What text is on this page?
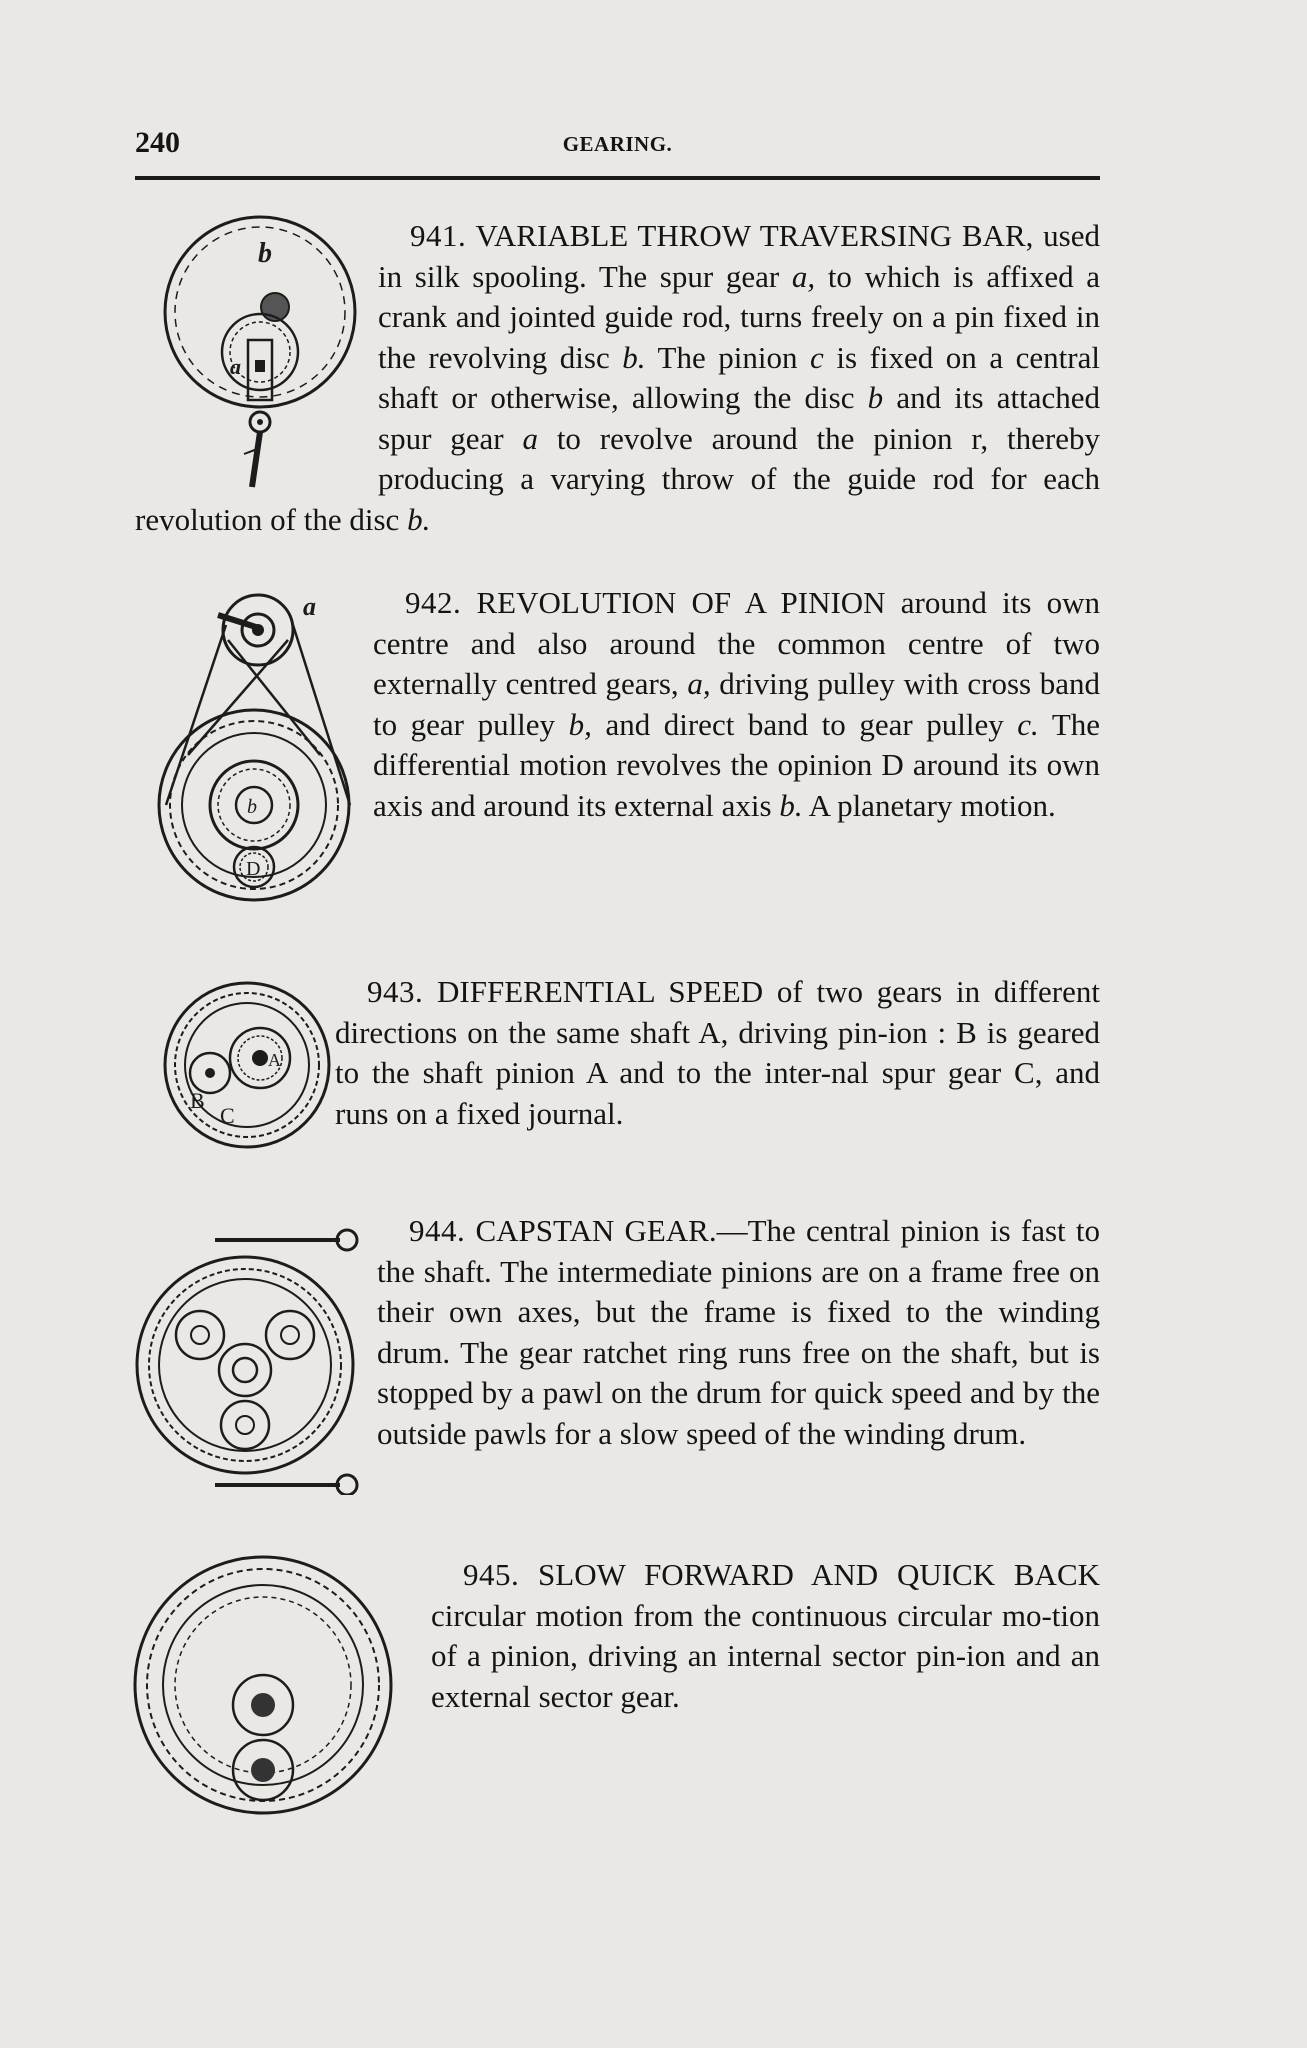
240	GEARING.
b
a
941. VARIABLE THROW TRAVERSING BAR, used in silk spooling. The spur gear a, to which is affixed a crank and jointed guide rod, turns freely on a pin fixed in the revolving disc b. The pinion c is fixed on a central shaft or otherwise, allowing the disc b and its attached spur gear a to revolve around the pinion r, thereby producing a varying throw of the guide rod for each revolution of the disc b.
a
b
D
942. REVOLUTION OF A PINION around its own centre and also around the common centre of two externally centred gears, a, driving pulley with cross band to gear pulley b, and direct band to gear pulley c. The differential motion revolves the opinion D around its own axis and around its external axis b. A planetary motion.
A
B
C
943. DIFFERENTIAL SPEED of two gears in different directions on the same shaft A, driving pin-ion : B is geared to the shaft pinion A and to the inter-nal spur gear C, and runs on a fixed journal.
944. CAPSTAN GEAR.—The central pinion is fast to the shaft. The intermediate pinions are on a frame free on their own axes, but the frame is fixed to the winding drum. The gear ratchet ring runs free on the shaft, but is stopped by a pawl on the drum for quick speed and by the outside pawls for a slow speed of the winding drum.
945. SLOW FORWARD AND QUICK BACK circular motion from the continuous circular mo-tion of a pinion, driving an internal sector pin-ion and an external sector gear.
